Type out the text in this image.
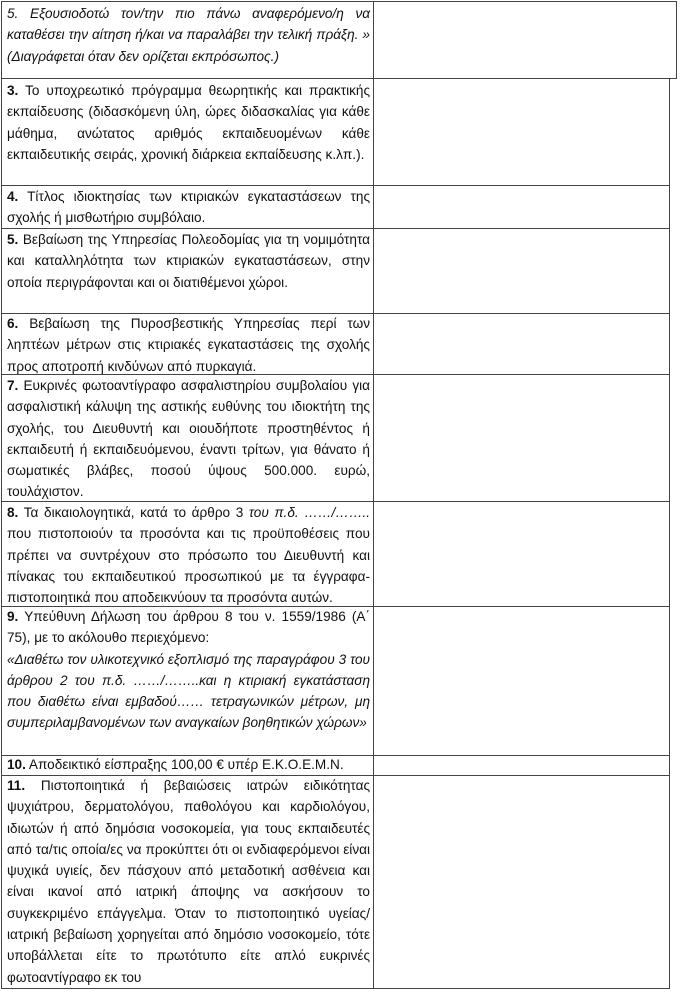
5. Εξουσιοδοτώ τον/την πιο πάνω αναφερόμενο/η να καταθέσει την αίτηση ή/και να παραλάβει την τελική πράξη. » (Διαγράφεται όταν δεν ορίζεται εκπρόσωπος.)
3. Το υποχρεωτικό πρόγραμμα θεωρητικής και πρακτικής εκπαίδευσης (διδασκόμενη ύλη, ώρες διδασκαλίας για κάθε μάθημα, ανώτατος αριθμός εκπαιδευομένων κάθε εκπαιδευτικής σειράς, χρονική διάρκεια εκπαίδευσης κ.λπ.).
4. Τίτλος ιδιοκτησίας των κτιριακών εγκαταστάσεων της σχολής ή μισθωτήριο συμβόλαιο.
5. Βεβαίωση της Υπηρεσίας Πολεοδομίας για τη νομιμότητα και καταλληλότητα των κτιριακών εγκαταστάσεων, στην οποία περιγράφονται και οι διατιθέμενοι χώροι.
6. Βεβαίωση της Πυροσβεστικής Υπηρεσίας περί των ληπτέων μέτρων στις κτιριακές εγκαταστάσεις της σχολής προς αποτροπή κινδύνων από πυρκαγιά.
7. Ευκρινές φωτοαντίγραφο ασφαλιστηρίου συμβολαίου για ασφαλιστική κάλυψη της αστικής ευθύνης του ιδιοκτήτη της σχολής, του Διευθυντή και οιουδήποτε προστηθέντος ή εκπαιδευτή ή εκπαιδευόμενου, έναντι τρίτων, για θάνατο ή σωματικές βλάβες, ποσού ύψους 500.000. ευρώ, τουλάχιστον.
8. Τα δικαιολογητικά, κατά το άρθρο 3 του π.δ. ……/…….. που πιστοποιούν τα προσόντα και τις προϋποθέσεις που πρέπει να συντρέχουν στο πρόσωπο του Διευθυντή και πίνακας του εκπαιδευτικού προσωπικού με τα έγγραφα-πιστοποιητικά που αποδεικνύουν τα προσόντα αυτών.
9. Υπεύθυνη Δήλωση του άρθρου 8 του ν. 1559/1986 (Α΄ 75), με το ακόλουθο περιεχόμενο:
«Διαθέτω τον υλικοτεχνικό εξοπλισμό της παραγράφου 3 του άρθρου 2 του π.δ. ……/……..και η κτιριακή εγκατάσταση που διαθέτω είναι εμβαδού…… τετραγωνικών μέτρων, μη συμπεριλαμβανομένων των αναγκαίων βοηθητικών χώρων»
10. Αποδεικτικό είσπραξης 100,00 € υπέρ Ε.Κ.Ο.Ε.Μ.Ν.
11. Πιστοποιητικά ή βεβαιώσεις ιατρών ειδικότητας ψυχιάτρου, δερματολόγου, παθολόγου και καρδιολόγου, ιδιωτών ή από δημόσια νοσοκομεία, για τους εκπαιδευτές από τα/τις οποία/ες να προκύπτει ότι οι ενδιαφερόμενοι είναι ψυχικά υγιείς, δεν πάσχουν από μεταδοτική ασθένεια και είναι ικανοί από ιατρική άποψης να ασκήσουν το συγκεκριμένο επάγγελμα. Όταν το πιστοποιητικό υγείας/ ιατρική βεβαίωση χορηγείται από δημόσιο νοσοκομείο, τότε υποβάλλεται είτε το πρωτότυπο είτε απλό ευκρινές φωτοαντίγραφο εκ του
